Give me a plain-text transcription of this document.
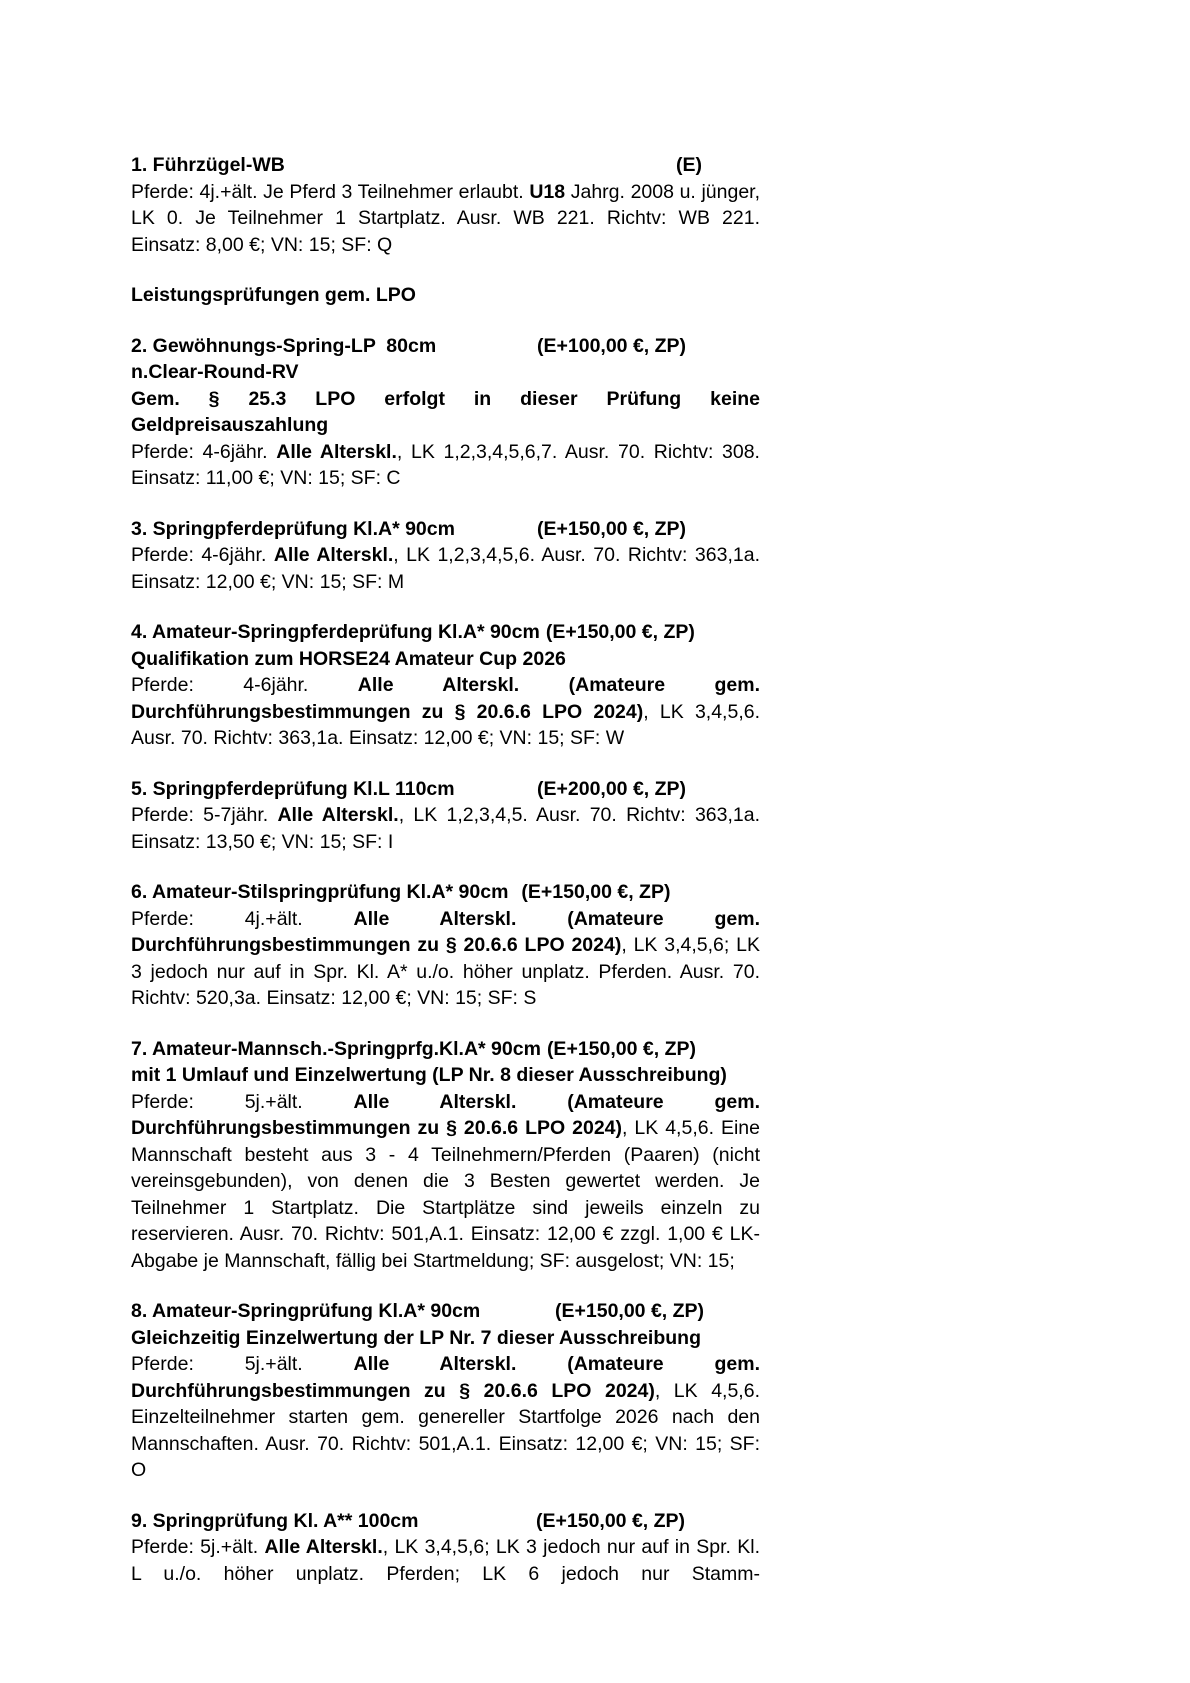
1. Führzügel-WB	(E)

Pferde: 4j.+ält. Je Pferd 3 Teilnehmer erlaubt. U18 Jahrg. 2008 u. jünger, LK 0. Je Teilnehmer 1 Startplatz. Ausr. WB 221. Richtv: WB 221. Einsatz: 8,00 €; VN: 15; SF: Q

Leistungsprüfungen gem. LPO
2. Gewöhnungs-Spring-LP  80cm	(E+100,00 €, ZP)
n.Clear-Round-RV
Gem. § 25.3 LPO erfolgt in dieser Prüfung keine Geldpreisauszahlung

Pferde: 4-6jähr. Alle Alterskl., LK 1,2,3,4,5,6,7. Ausr. 70. Richtv: 308. Einsatz: 11,00 €; VN: 15; SF: C

3. Springpferdeprüfung Kl.A* 90cm	(E+150,00 €, ZP)

Pferde: 4-6jähr. Alle Alterskl., LK 1,2,3,4,5,6. Ausr. 70. Richtv: 363,1a. Einsatz: 12,00 €; VN: 15; SF: M

4. Amateur-Springpferdeprüfung Kl.A* 90cm (E+150,00 €, ZP)
Qualifikation zum HORSE24 Amateur Cup 2026

Pferde: 4-6jähr. Alle Alterskl. (Amateure gem. Durchführungsbestimmungen zu § 20.6.6 LPO 2024), LK 3,4,5,6. Ausr. 70. Richtv: 363,1a. Einsatz: 12,00 €; VN: 15; SF: W

5. Springpferdeprüfung Kl.L 110cm	(E+200,00 €, ZP)

Pferde: 5-7jähr. Alle Alterskl., LK 1,2,3,4,5. Ausr. 70. Richtv: 363,1a. Einsatz: 13,50 €; VN: 15; SF: I

6. Amateur-Stilspringprüfung Kl.A* 90cm (E+150,00 €, ZP)

Pferde: 4j.+ält. Alle Alterskl. (Amateure gem. Durchführungsbestimmungen zu § 20.6.6 LPO 2024), LK 3,4,5,6; LK 3 jedoch nur auf in Spr. Kl. A* u./o. höher unplatz. Pferden. Ausr. 70. Richtv: 520,3a. Einsatz: 12,00 €; VN: 15; SF: S

7. Amateur-Mannsch.-Springprfg.Kl.A* 90cm (E+150,00 €, ZP)
mit 1 Umlauf und Einzelwertung (LP Nr. 8 dieser Ausschreibung)

Pferde: 5j.+ält. Alle Alterskl. (Amateure gem. Durchführungsbestimmungen zu § 20.6.6 LPO 2024), LK 4,5,6. Eine Mannschaft besteht aus 3 - 4 Teilnehmern/Pferden (Paaren) (nicht vereinsgebunden), von denen die 3 Besten gewertet werden. Je Teilnehmer 1 Startplatz. Die Startplätze sind jeweils einzeln zu reservieren. Ausr. 70. Richtv: 501,A.1. Einsatz: 12,00 € zzgl. 1,00 € LK-Abgabe je Mannschaft, fällig bei Startmeldung; SF: ausgelost; VN: 15;

8. Amateur-Springprüfung Kl.A* 90cm	(E+150,00 €, ZP)
Gleichzeitig Einzelwertung der LP Nr. 7 dieser Ausschreibung

Pferde: 5j.+ält. Alle Alterskl. (Amateure gem. Durchführungsbestimmungen zu § 20.6.6 LPO 2024), LK 4,5,6. Einzelteilnehmer starten gem. genereller Startfolge 2026 nach den Mannschaften. Ausr. 70. Richtv: 501,A.1. Einsatz: 12,00 €; VN: 15; SF: O

9. Springprüfung Kl. A** 100cm	(E+150,00 €, ZP)

Pferde: 5j.+ält. Alle Alterskl., LK 3,4,5,6; LK 3 jedoch nur auf in Spr. Kl. L u./o. höher unplatz. Pferden; LK 6 jedoch nur Stamm-
